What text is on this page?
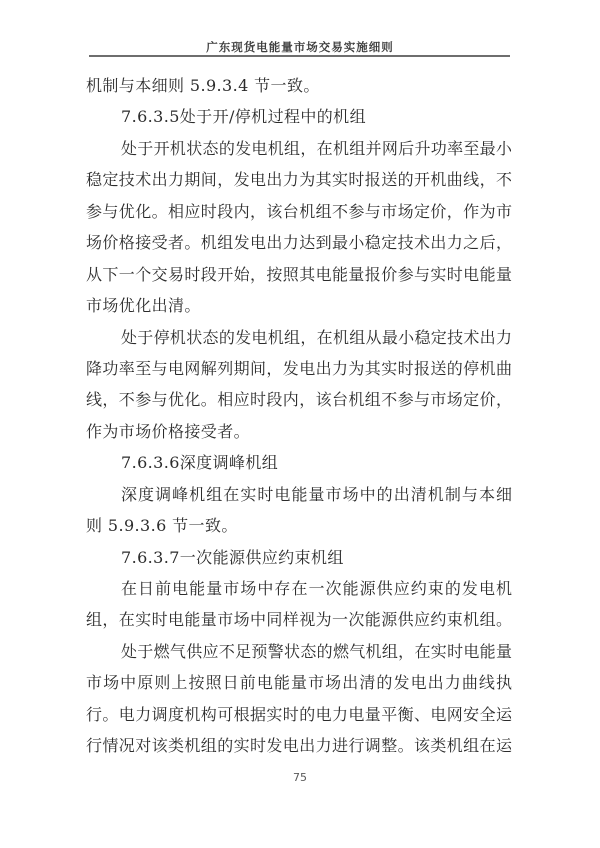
广东现货电能量市场交易实施细则
机制与本细则 5.9.3.4 节一致。
7.6.3.5处于开/停机过程中的机组
处于开机状态的发电机组，在机组并网后升功率至最小
稳定技术出力期间，发电出力为其实时报送的开机曲线，不
参与优化。相应时段内，该台机组不参与市场定价，作为市
场价格接受者。机组发电出力达到最小稳定技术出力之后，
从下一个交易时段开始，按照其电能量报价参与实时电能量
市场优化出清。
处于停机状态的发电机组，在机组从最小稳定技术出力
降功率至与电网解列期间，发电出力为其实时报送的停机曲
线，不参与优化。相应时段内，该台机组不参与市场定价，
作为市场价格接受者。
7.6.3.6深度调峰机组
深度调峰机组在实时电能量市场中的出清机制与本细
则 5.9.3.6 节一致。
7.6.3.7一次能源供应约束机组
在日前电能量市场中存在一次能源供应约束的发电机
组，在实时电能量市场中同样视为一次能源供应约束机组。
处于燃气供应不足预警状态的燃气机组，在实时电能量
市场中原则上按照日前电能量市场出清的发电出力曲线执
行。电力调度机构可根据实时的电力电量平衡、电网安全运
行情况对该类机组的实时发电出力进行调整。该类机组在运
75
